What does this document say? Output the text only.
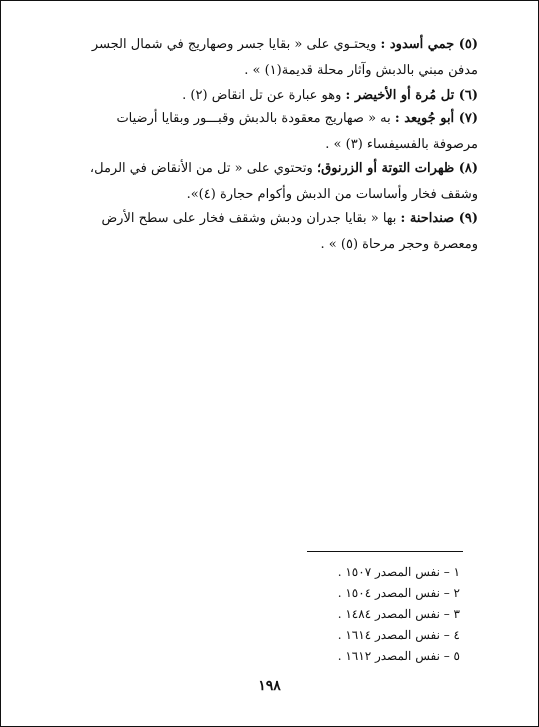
(٥) جمي أسدود : ويحتـوي على « بقايا جسر وصهاريج في شمال الجسر
مدفن مبني بالدبش وآثار محلة قديمة(١) » .
(٦) تل مُرة أو الأخيضر : وهو عبارة عن تل انقاض (٢) .
(٧) أبو جُويعد : به « صهاريج معقودة بالدبش وقبـــور وبقايا أرضيات
مرصوفة بالفسيفساء (٣) » .
(٨) ظهرات التوتة أو الزرنوق؛ وتحتوي على « تل من الأنقاض في الرمل،
وشقف فخار وأساسات من الدبش وأكوام حجارة (٤)».
(٩) صنداحنة : بها « بقايا جدران ودبش وشقف فخار على سطح الأرض
ومعصرة وحجر مرحاة (٥) » .
١ – نفس المصدر ١٥٠٧ .
٢ – نفس المصدر ١٥٠٤ .
٣ – نفس المصدر ١٤٨٤ .
٤ – نفس المصدر ١٦١٤ .
٥ – نفس المصدر ١٦١٢ .
١٩٨
